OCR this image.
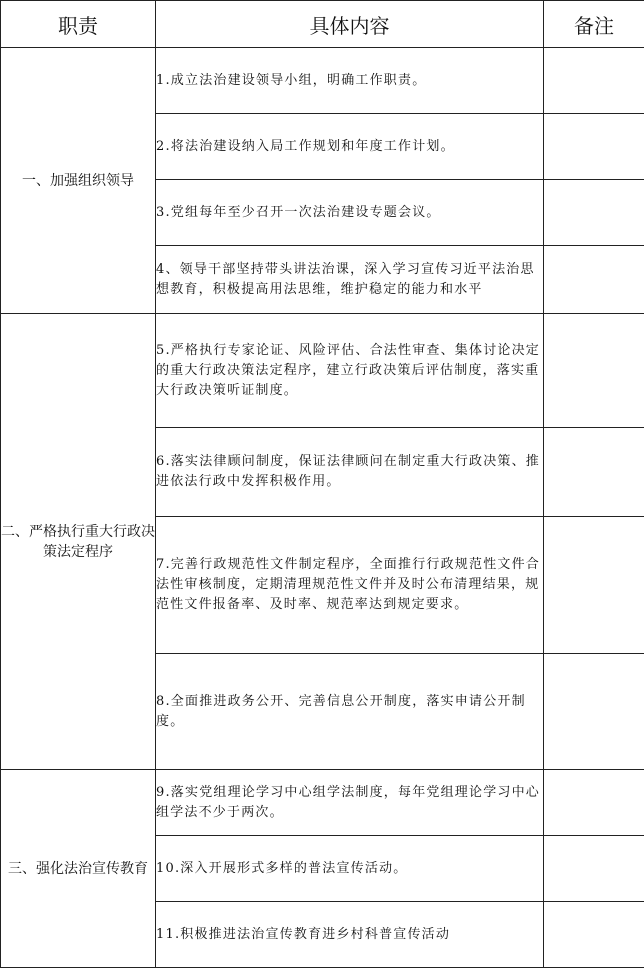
职责	具体内容	备注
一、加强组织领导	1.成立法治建设领导小组，明确工作职责。	

	2.将法治建设纳入局工作规划和年度工作计划。	

	3.党组每年至少召开一次法治建设专题会议。	

	4、领导干部坚持带头讲法治课，深入学习宣传习近平法治思想教育，积极提高用法思维，维护稳定的能力和水平	

二、严格执行重大行政决策法定程序	5.严格执行专家论证、风险评估、合法性审查、集体讨论决定的重大行政决策法定程序，建立行政决策后评估制度，落实重大行政决策听证制度。	

	6.落实法律顾问制度，保证法律顾问在制定重大行政决策、推进依法行政中发挥积极作用。	

	7.完善行政规范性文件制定程序，全面推行行政规范性文件合法性审核制度，定期清理规范性文件并及时公布清理结果，规范性文件报备率、及时率、规范率达到规定要求。	

	8.全面推进政务公开、完善信息公开制度，落实申请公开制度。	

三、强化法治宣传教育	9.落实党组理论学习中心组学法制度，每年党组理论学习中心组学法不少于两次。	

	10.深入开展形式多样的普法宣传活动。	

	11.积极推进法治宣传教育进乡村科普宣传活动	
